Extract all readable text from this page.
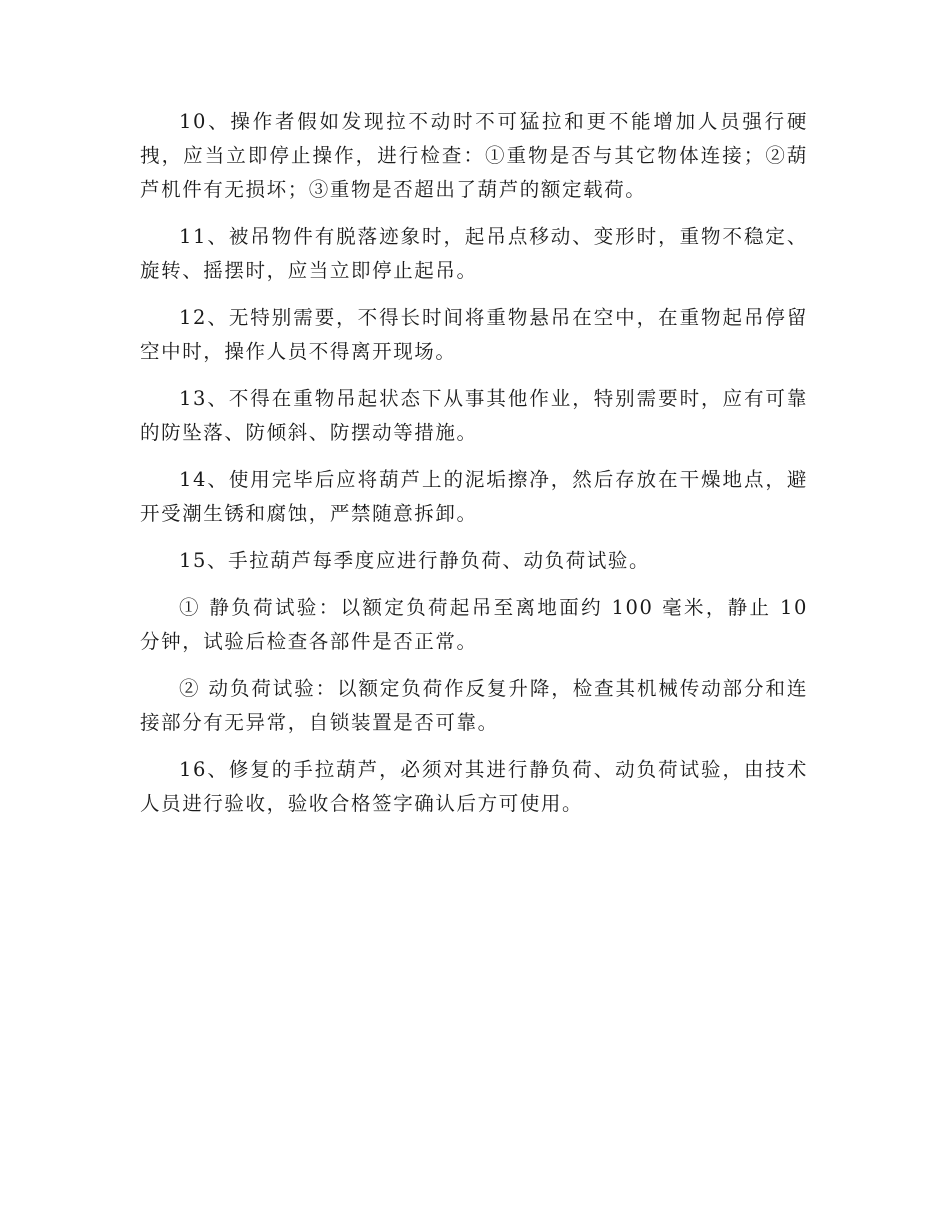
10、操作者假如发现拉不动时不可猛拉和更不能增加人员强行硬拽，应当立即停止操作，进行检查：①重物是否与其它物体连接；②葫芦机件有无损坏；③重物是否超出了葫芦的额定载荷。

11、被吊物件有脱落迹象时，起吊点移动、变形时，重物不稳定、旋转、摇摆时，应当立即停止起吊。

12、无特别需要，不得长时间将重物悬吊在空中，在重物起吊停留空中时，操作人员不得离开现场。

13、不得在重物吊起状态下从事其他作业，特别需要时，应有可靠的防坠落、防倾斜、防摆动等措施。

14、使用完毕后应将葫芦上的泥垢擦净，然后存放在干燥地点，避开受潮生锈和腐蚀，严禁随意拆卸。

15、手拉葫芦每季度应进行静负荷、动负荷试验。

① 静负荷试验：以额定负荷起吊至离地面约 100 毫米，静止 10 分钟，试验后检查各部件是否正常。

② 动负荷试验：以额定负荷作反复升降，检查其机械传动部分和连接部分有无异常，自锁装置是否可靠。

16、修复的手拉葫芦，必须对其进行静负荷、动负荷试验，由技术人员进行验收，验收合格签字确认后方可使用。
